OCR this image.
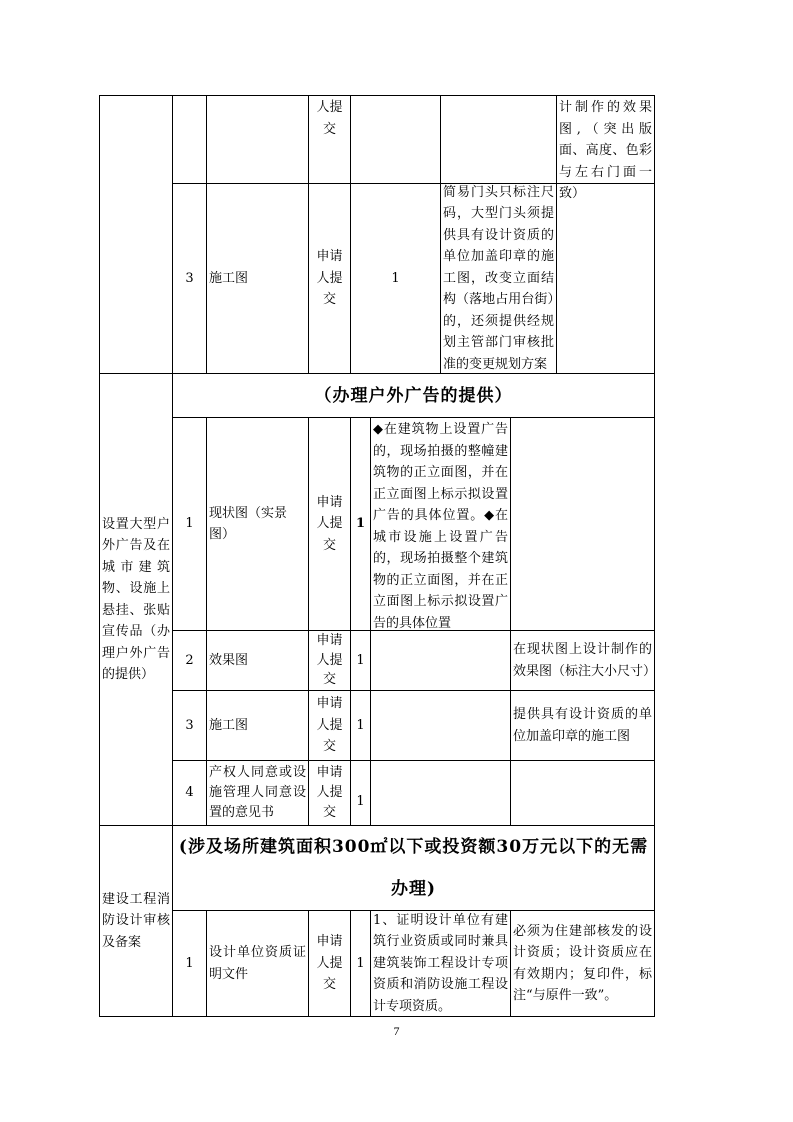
人提交
计制作的效果图,（突出版面、高度、色彩与左右门面一致）
3 施工图
申请人提交
1
简易门头只标注尺码，大型门头须提供具有设计资质的单位加盖印章的施工图，改变立面结构（落地占用台街）的，还须提供经规划主管部门审核批准的变更规划方案
设置大型户外广告及在城市建筑物、设施上悬挂、张贴宣传品（办理户外广告的提供）
（办理户外广告的提供）
1
现状图（实景图）
申请人提交
1
◆在建筑物上设置广告的，现场拍摄的整幢建筑物的正立面图，并在正立面图上标示拟设置广告的具体位置。◆在城市设施上设置广告的，现场拍摄整个建筑物的正立面图，并在正立面图上标示拟设置广告的具体位置
2 效果图
申请人提交
1
在现状图上设计制作的效果图（标注大小尺寸）
3 施工图
申请人提交
1
提供具有设计资质的单位加盖印章的施工图
4
产权人同意或设施管理人同意设置的意见书
申请人提交
1
建设工程消防设计审核及备案
(涉及场所建筑面积300㎡以下或投资额30万元以下的无需办理)
1
设计单位资质证明文件
申请人提交
1
1、证明设计单位有建筑行业资质或同时兼具建筑装饰工程设计专项资质和消防设施工程设计专项资质。
必须为住建部核发的设计资质；设计资质应在有效期内；复印件，标注“与原件一致”。
7
